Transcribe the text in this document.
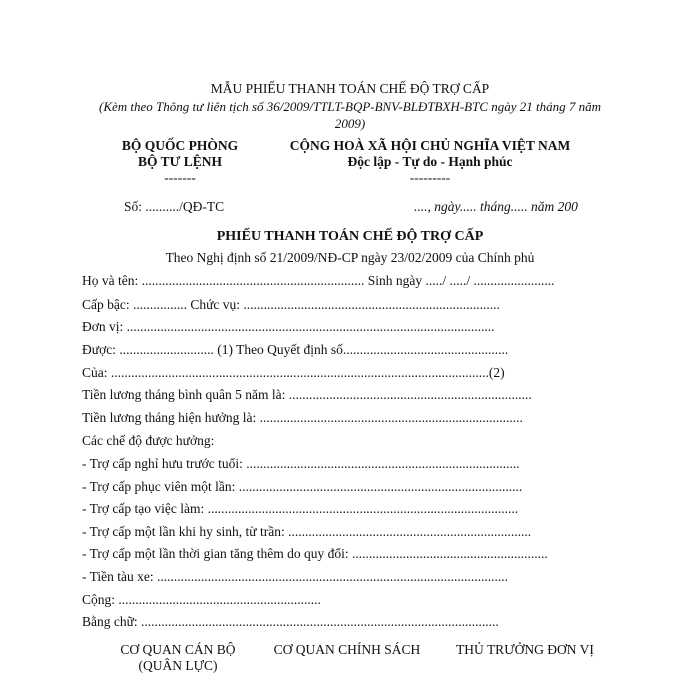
MẪU PHIẾU THANH TOÁN CHẾ ĐỘ TRỢ CẤP
(Kèm theo Thông tư liên tịch số 36/2009/TTLT-BQP-BNV-BLĐTBXH-BTC ngày 21 tháng 7 năm
2009)
BỘ QUỐC PHÒNG
BỘ TƯ LỆNH
-------
CỘNG HOÀ XÃ HỘI CHỦ NGHĨA VIỆT NAM
Độc lập - Tự do - Hạnh phúc
---------
Số: ........../QĐ-TC	...., ngày..... tháng..... năm 200
PHIẾU THANH TOÁN CHẾ ĐỘ TRỢ CẤP
Theo Nghị định số 21/2009/NĐ-CP ngày 23/02/2009 của Chính phủ
Họ và tên: .................................................................. Sinh ngày ...../ ...../ ........................
Cấp bậc: ................ Chức vụ: ............................................................................
Đơn vị: .............................................................................................................
Được: ............................ (1) Theo Quyết định số.................................................
Của: ................................................................................................................(2)
Tiền lương tháng bình quân 5 năm là: ........................................................................
Tiền lương tháng hiện hưởng là: ..............................................................................
Các chế độ được hưởng:
- Trợ cấp nghỉ hưu trước tuổi: .................................................................................
- Trợ cấp phục viên một lần: ....................................................................................
- Trợ cấp tạo việc làm: ............................................................................................
- Trợ cấp một lần khi hy sinh, từ trần: ........................................................................
- Trợ cấp một lần thời gian tăng thêm do quy đổi: ..........................................................
- Tiền tàu xe: ........................................................................................................
Cộng: ............................................................
Bằng chữ: ..........................................................................................................
CƠ QUAN CÁN BỘ
(QUÂN LỰC)
CƠ QUAN CHÍNH SÁCH	THỦ TRƯỞNG ĐƠN VỊ
